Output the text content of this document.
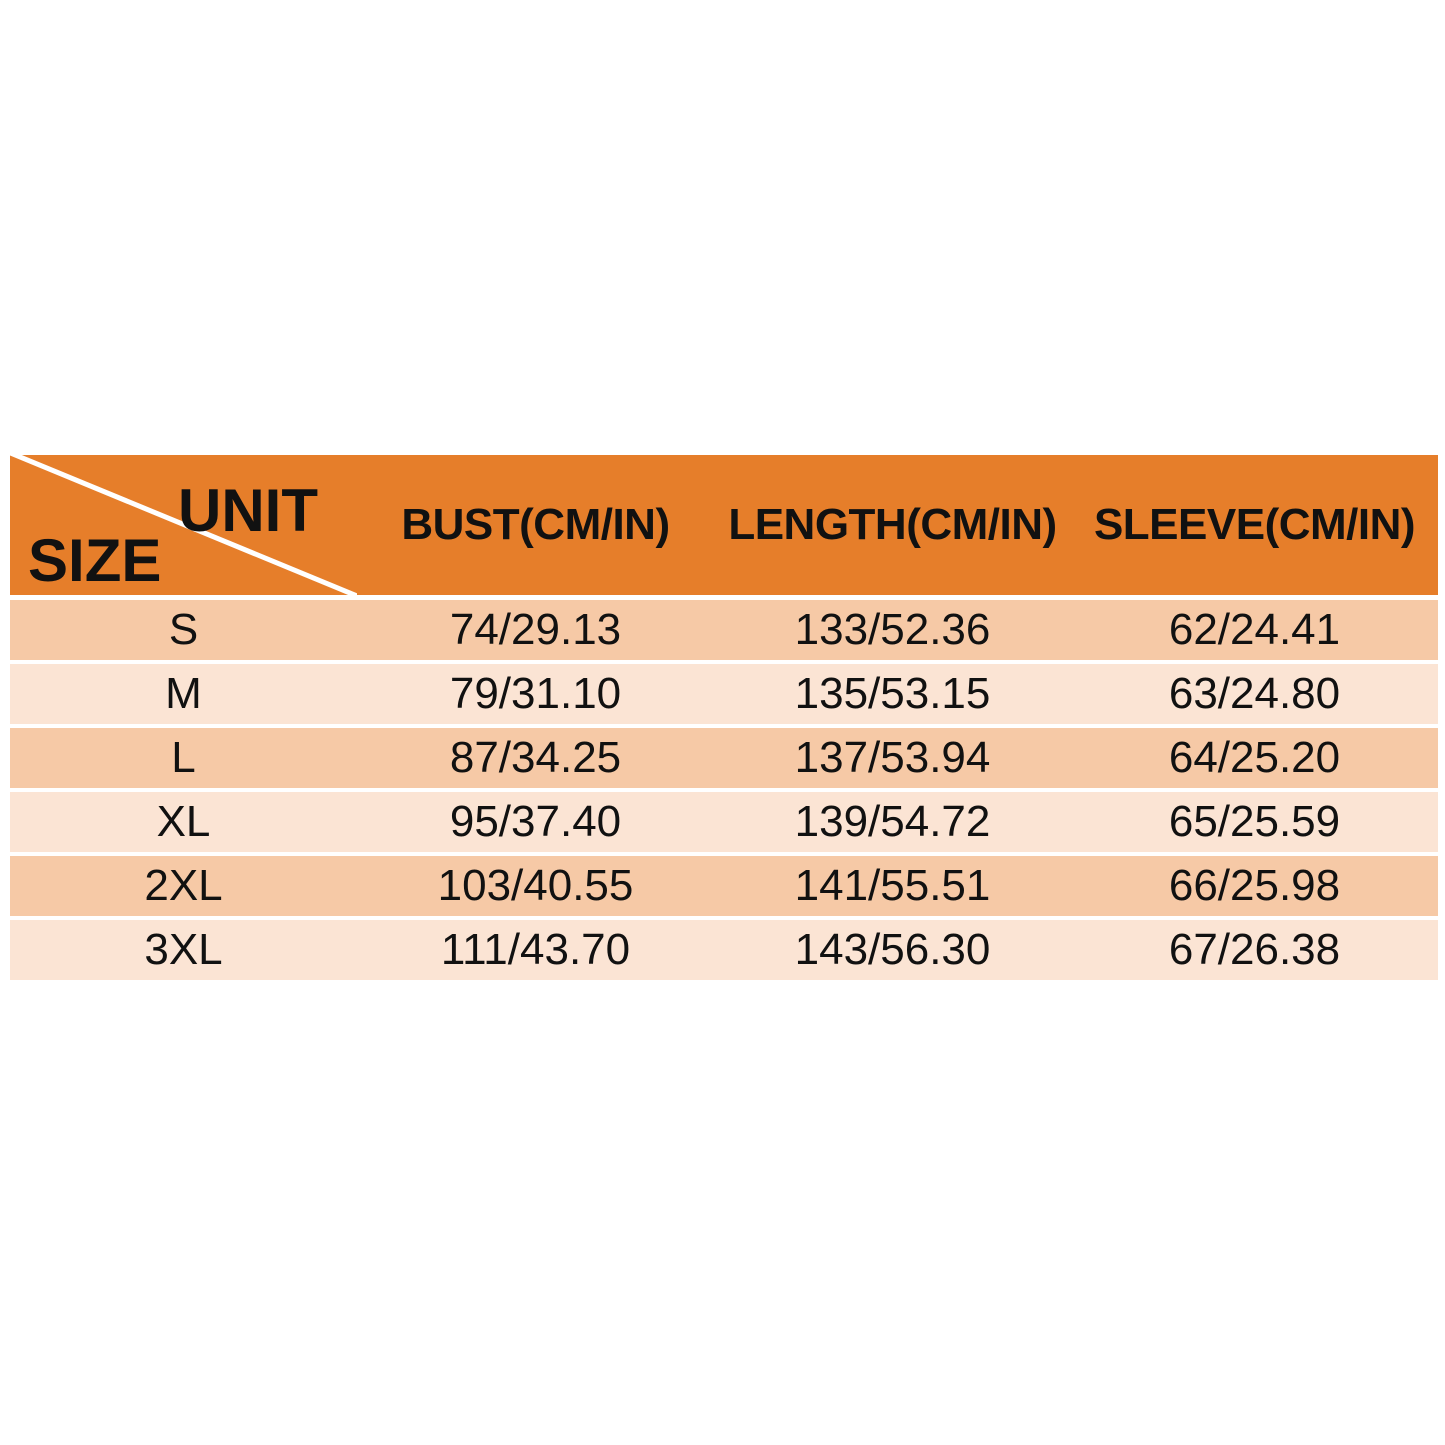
UNIT
SIZE
BUST(CM/IN)	LENGTH(CM/IN) SLEEVE(CM/IN)
S	74/29.13	133/52.36	62/24.41
M	79/31.10	135/53.15	63/24.80
L	87/34.25	137/53.94	64/25.20
XL	95/37.40	139/54.72	65/25.59
2XL	103/40.55	141/55.51	66/25.98
3XL	111/43.70	143/56.30	67/26.38
